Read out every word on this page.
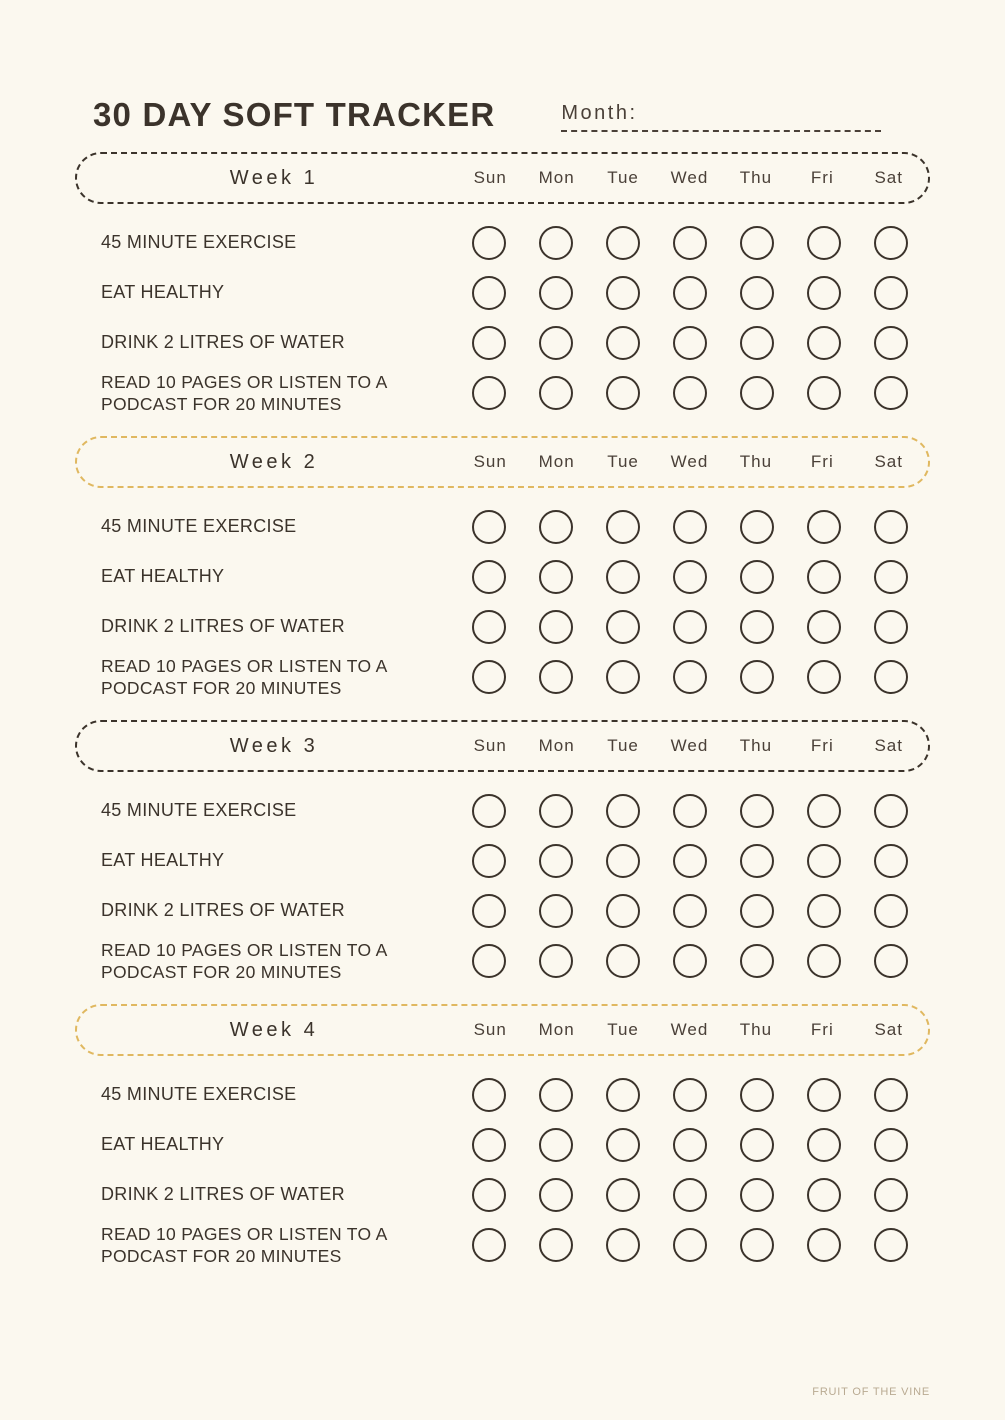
30 DAY SOFT TRACKER	Month:
Week 1	Sun	Mon	Tue	Wed	Thu	Fri	Sat
45 MINUTE EXERCISE
EAT HEALTHY
DRINK 2 LITRES OF WATER
READ 10 PAGES OR LISTEN TO A PODCAST FOR 20 MINUTES
Week 2	Sun	Mon	Tue	Wed	Thu	Fri	Sat
45 MINUTE EXERCISE
EAT HEALTHY
DRINK 2 LITRES OF WATER
READ 10 PAGES OR LISTEN TO A PODCAST FOR 20 MINUTES
Week 3	Sun	Mon	Tue	Wed	Thu	Fri	Sat
45 MINUTE EXERCISE
EAT HEALTHY
DRINK 2 LITRES OF WATER
READ 10 PAGES OR LISTEN TO A PODCAST FOR 20 MINUTES
Week 4	Sun	Mon	Tue	Wed	Thu	Fri	Sat
45 MINUTE EXERCISE
EAT HEALTHY
DRINK 2 LITRES OF WATER
READ 10 PAGES OR LISTEN TO A PODCAST FOR 20 MINUTES
FRUIT OF THE VINE
